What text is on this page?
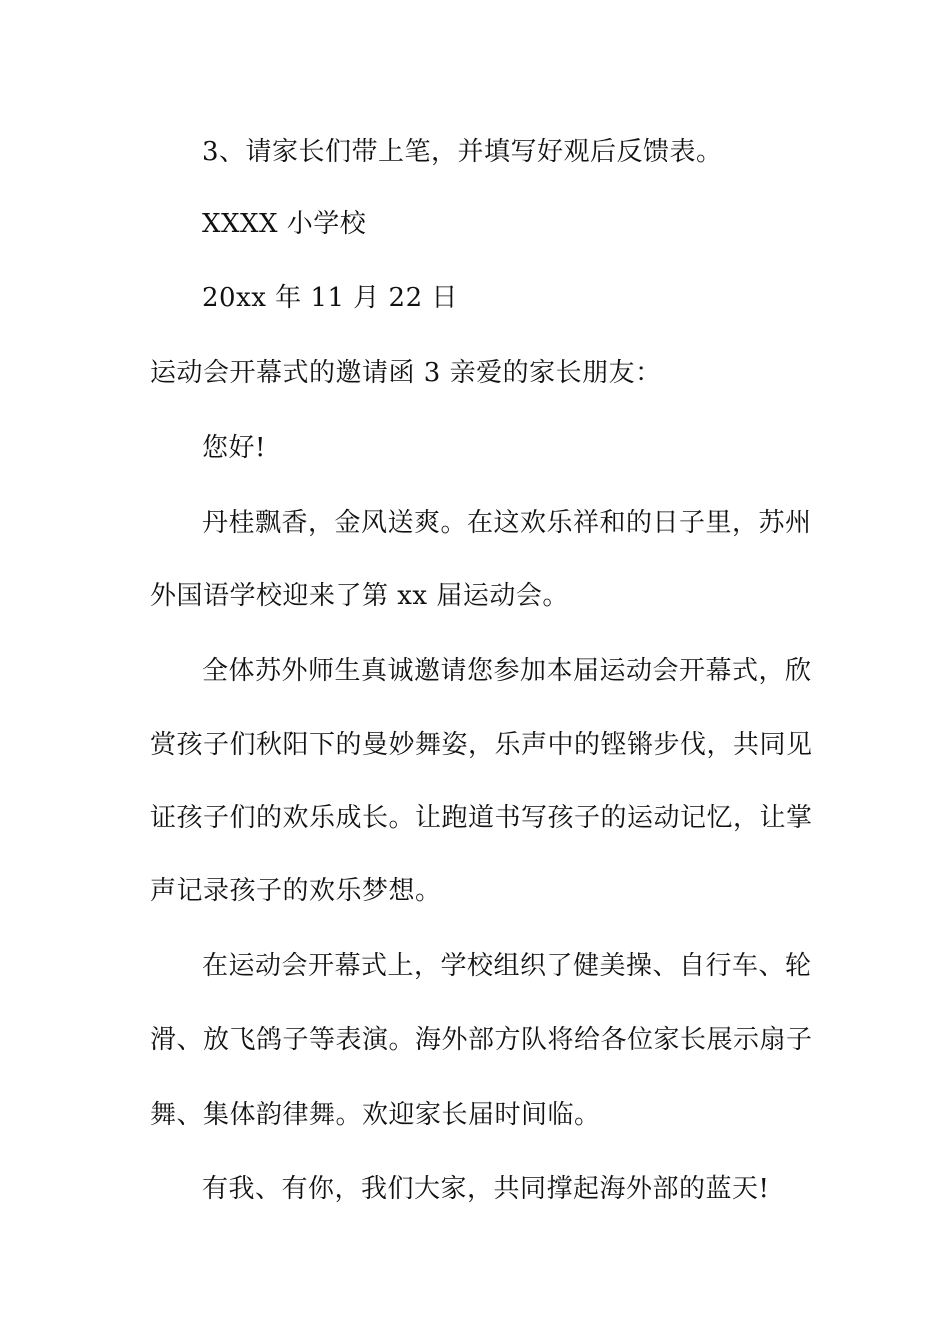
3、请家长们带上笔，并填写好观后反馈表。
XXXX 小学校
20xx 年 11 月 22 日
运动会开幕式的邀请函 3 亲爱的家长朋友：
您好!
丹桂飘香，金风送爽。在这欢乐祥和的日子里，苏州
外国语学校迎来了第 xx 届运动会。
全体苏外师生真诚邀请您参加本届运动会开幕式，欣
赏孩子们秋阳下的曼妙舞姿，乐声中的铿锵步伐，共同见
证孩子们的欢乐成长。让跑道书写孩子的运动记忆，让掌
声记录孩子的欢乐梦想。
在运动会开幕式上，学校组织了健美操、自行车、轮
滑、放飞鸽子等表演。海外部方队将给各位家长展示扇子
舞、集体韵律舞。欢迎家长届时间临。
有我、有你，我们大家，共同撑起海外部的蓝天!
